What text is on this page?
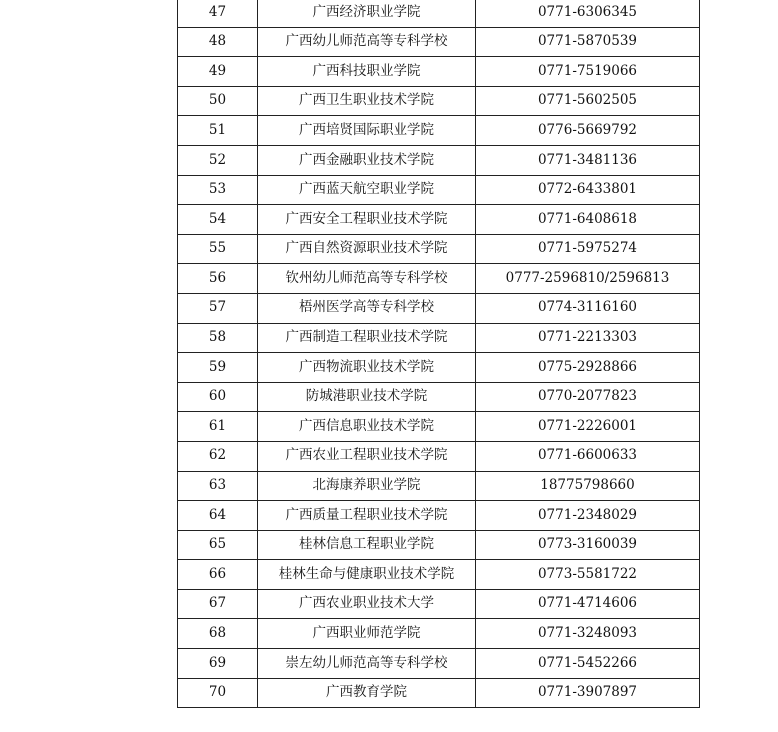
47	广西经济职业学院	0771-6306345
48	广西幼儿师范高等专科学校	0771-5870539
49	广西科技职业学院	0771-7519066
50	广西卫生职业技术学院	0771-5602505
51	广西培贤国际职业学院	0776-5669792
52	广西金融职业技术学院	0771-3481136
53	广西蓝天航空职业学院	0772-6433801
54	广西安全工程职业技术学院	0771-6408618
55	广西自然资源职业技术学院	0771-5975274
56	钦州幼儿师范高等专科学校	0777-2596810/2596813
57	梧州医学高等专科学校	0774-3116160
58	广西制造工程职业技术学院	0771-2213303
59	广西物流职业技术学院	0775-2928866
60	防城港职业技术学院	0770-2077823
61	广西信息职业技术学院	0771-2226001
62	广西农业工程职业技术学院	0771-6600633
63	北海康养职业学院	18775798660
64	广西质量工程职业技术学院	0771-2348029
65	桂林信息工程职业学院	0773-3160039
66	桂林生命与健康职业技术学院	0773-5581722
67	广西农业职业技术大学	0771-4714606
68	广西职业师范学院	0771-3248093
69	崇左幼儿师范高等专科学校	0771-5452266
70	广西教育学院	0771-3907897
